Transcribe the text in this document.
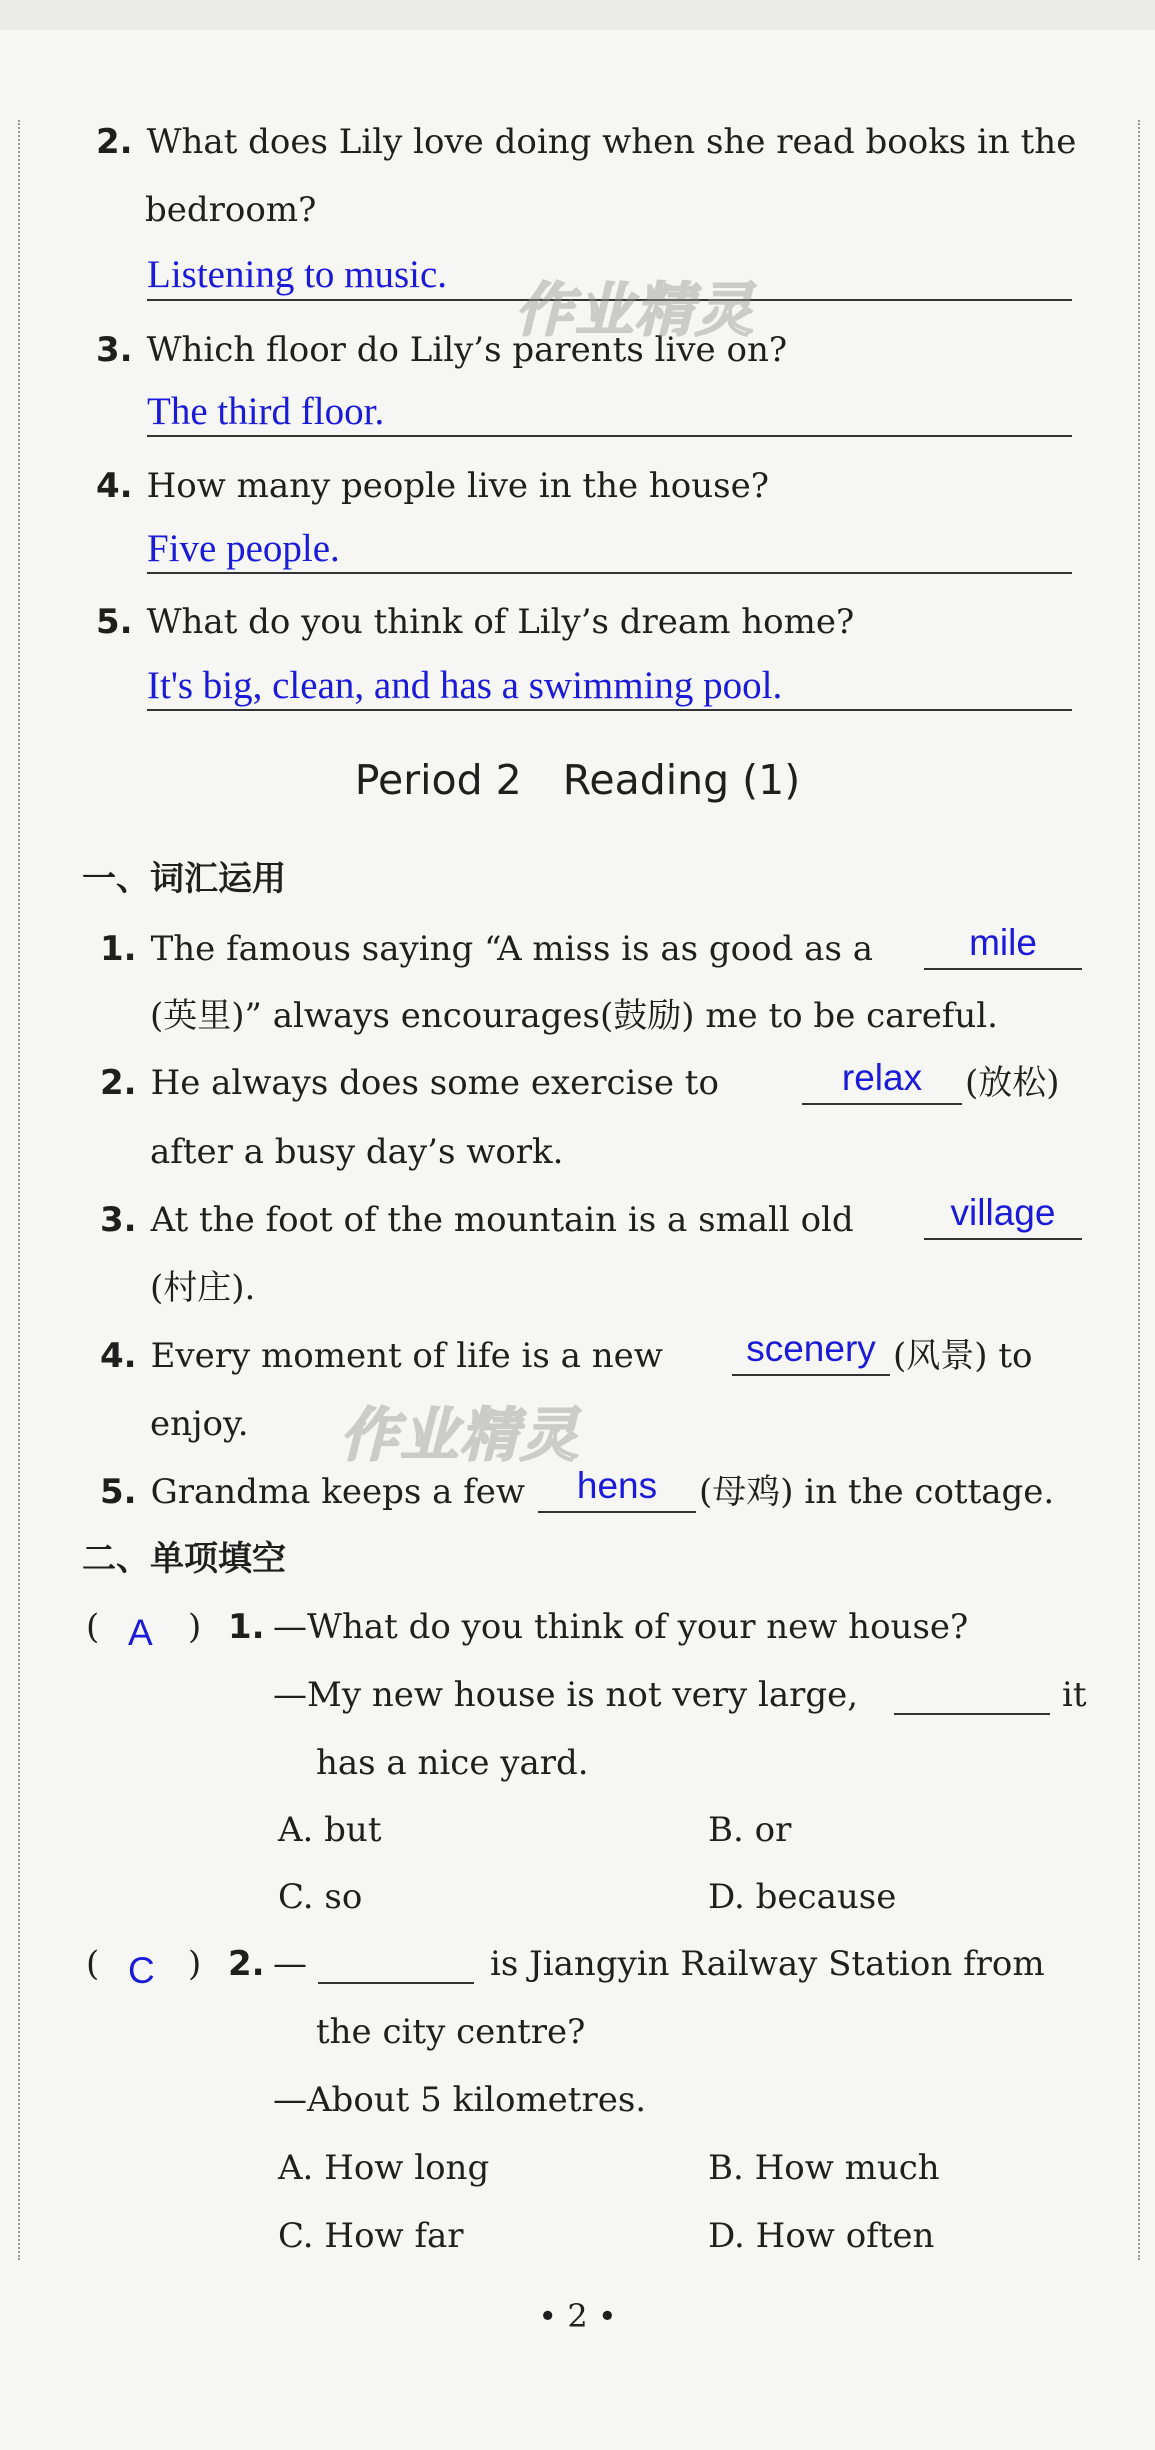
2. What does Lily love doing when she read books in the
bedroom?
Listening to music.
3. Which floor do Lily’s parents live on?
The third floor.
4. How many people live in the house?
Five people.
5. What do you think of Lily’s dream home?
It's big, clean, and has a swimming pool.
作业精灵
Period 2 Reading (1)
一、词汇运用
1. The famous saying “A miss is as good as a	mile
(英里)” always encourages(鼓励) me to be careful.
2. He always does some exercise to	relax	(放松)
after a busy day’s work.
3. At the foot of the mountain is a small old	village
(村庄).
4. Every moment of life is a new	scenery (风景) to
enjoy. 作业精灵
5. Grandma keeps a few	hens	(母鸡) in the cottage.
二、单项填空
( A ) 1. —What do you think of your new house?
—My new house is not very large,	it
has a nice yard.
A. but	B. or
C. so	D. because
( C ) 2. —	is Jiangyin Railway Station from
the city centre?
—About 5 kilometres.
A. How long	B. How much
C. How far	D. How often
• 2 •
